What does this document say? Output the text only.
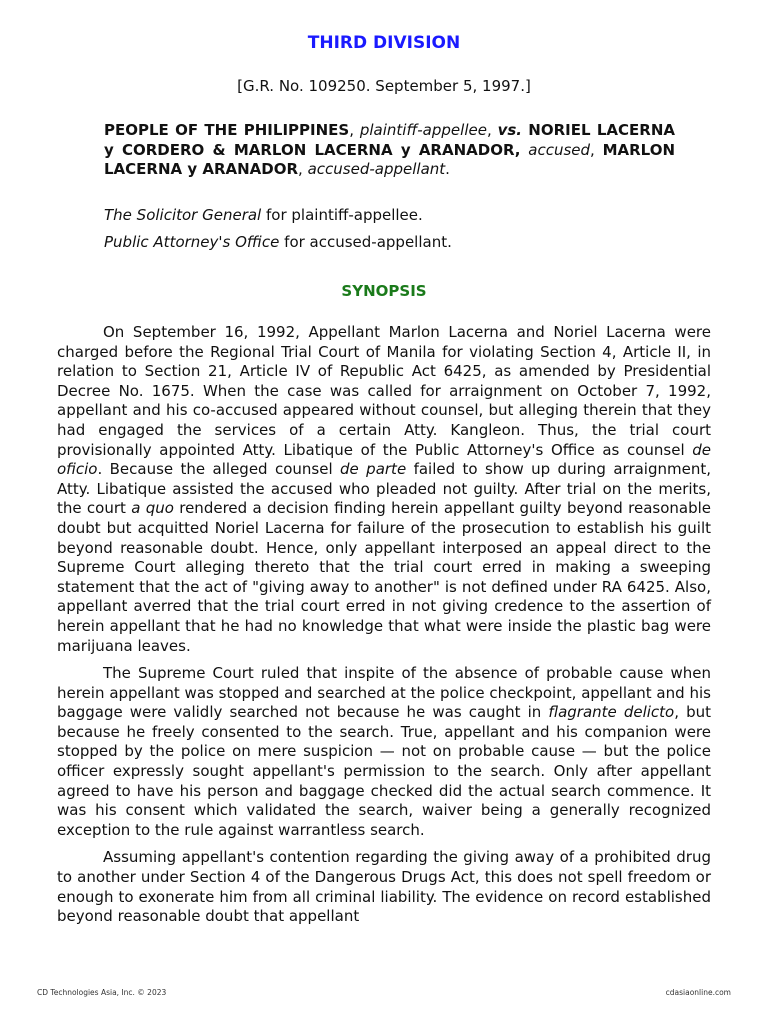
THIRD DIVISION
[G.R. No. 109250. September 5, 1997.]

PEOPLE OF THE PHILIPPINES, plaintiff-appellee, vs. NORIEL LACERNA y CORDERO & MARLON LACERNA y ARANADOR, accused, MARLON LACERNA y ARANADOR, accused-appellant.

The Solicitor General for plaintiff-appellee.

Public Attorney's Office for accused-appellant.

SYNOPSIS

On September 16, 1992, Appellant Marlon Lacerna and Noriel Lacerna were charged before the Regional Trial Court of Manila for violating Section 4, Article II, in relation to Section 21, Article IV of Republic Act 6425, as amended by Presidential Decree No. 1675. When the case was called for arraignment on October 7, 1992, appellant and his co-accused appeared without counsel, but alleging therein that they had engaged the services of a certain Atty. Kangleon. Thus, the trial court provisionally appointed Atty. Libatique of the Public Attorney's Office as counsel de oficio. Because the alleged counsel de parte failed to show up during arraignment, Atty. Libatique assisted the accused who pleaded not guilty. After trial on the merits, the court a quo rendered a decision finding herein appellant guilty beyond reasonable doubt but acquitted Noriel Lacerna for failure of the prosecution to establish his guilt beyond reasonable doubt. Hence, only appellant interposed an appeal direct to the Supreme Court alleging thereto that the trial court erred in making a sweeping statement that the act of "giving away to another" is not defined under RA 6425. Also, appellant averred that the trial court erred in not giving credence to the assertion of herein appellant that he had no knowledge that what were inside the plastic bag were marijuana leaves.

The Supreme Court ruled that inspite of the absence of probable cause when herein appellant was stopped and searched at the police checkpoint, appellant and his baggage were validly searched not because he was caught in flagrante delicto, but because he freely consented to the search. True, appellant and his companion were stopped by the police on mere suspicion — not on probable cause — but the police officer expressly sought appellant's permission to the search. Only after appellant agreed to have his person and baggage checked did the actual search commence. It was his consent which validated the search, waiver being a generally recognized exception to the rule against warrantless search.

Assuming appellant's contention regarding the giving away of a prohibited drug to another under Section 4 of the Dangerous Drugs Act, this does not spell freedom or enough to exonerate him from all criminal liability. The evidence on record established beyond reasonable doubt that appellant

CD Technologies Asia, Inc. © 2023	cdasiaonline.com
